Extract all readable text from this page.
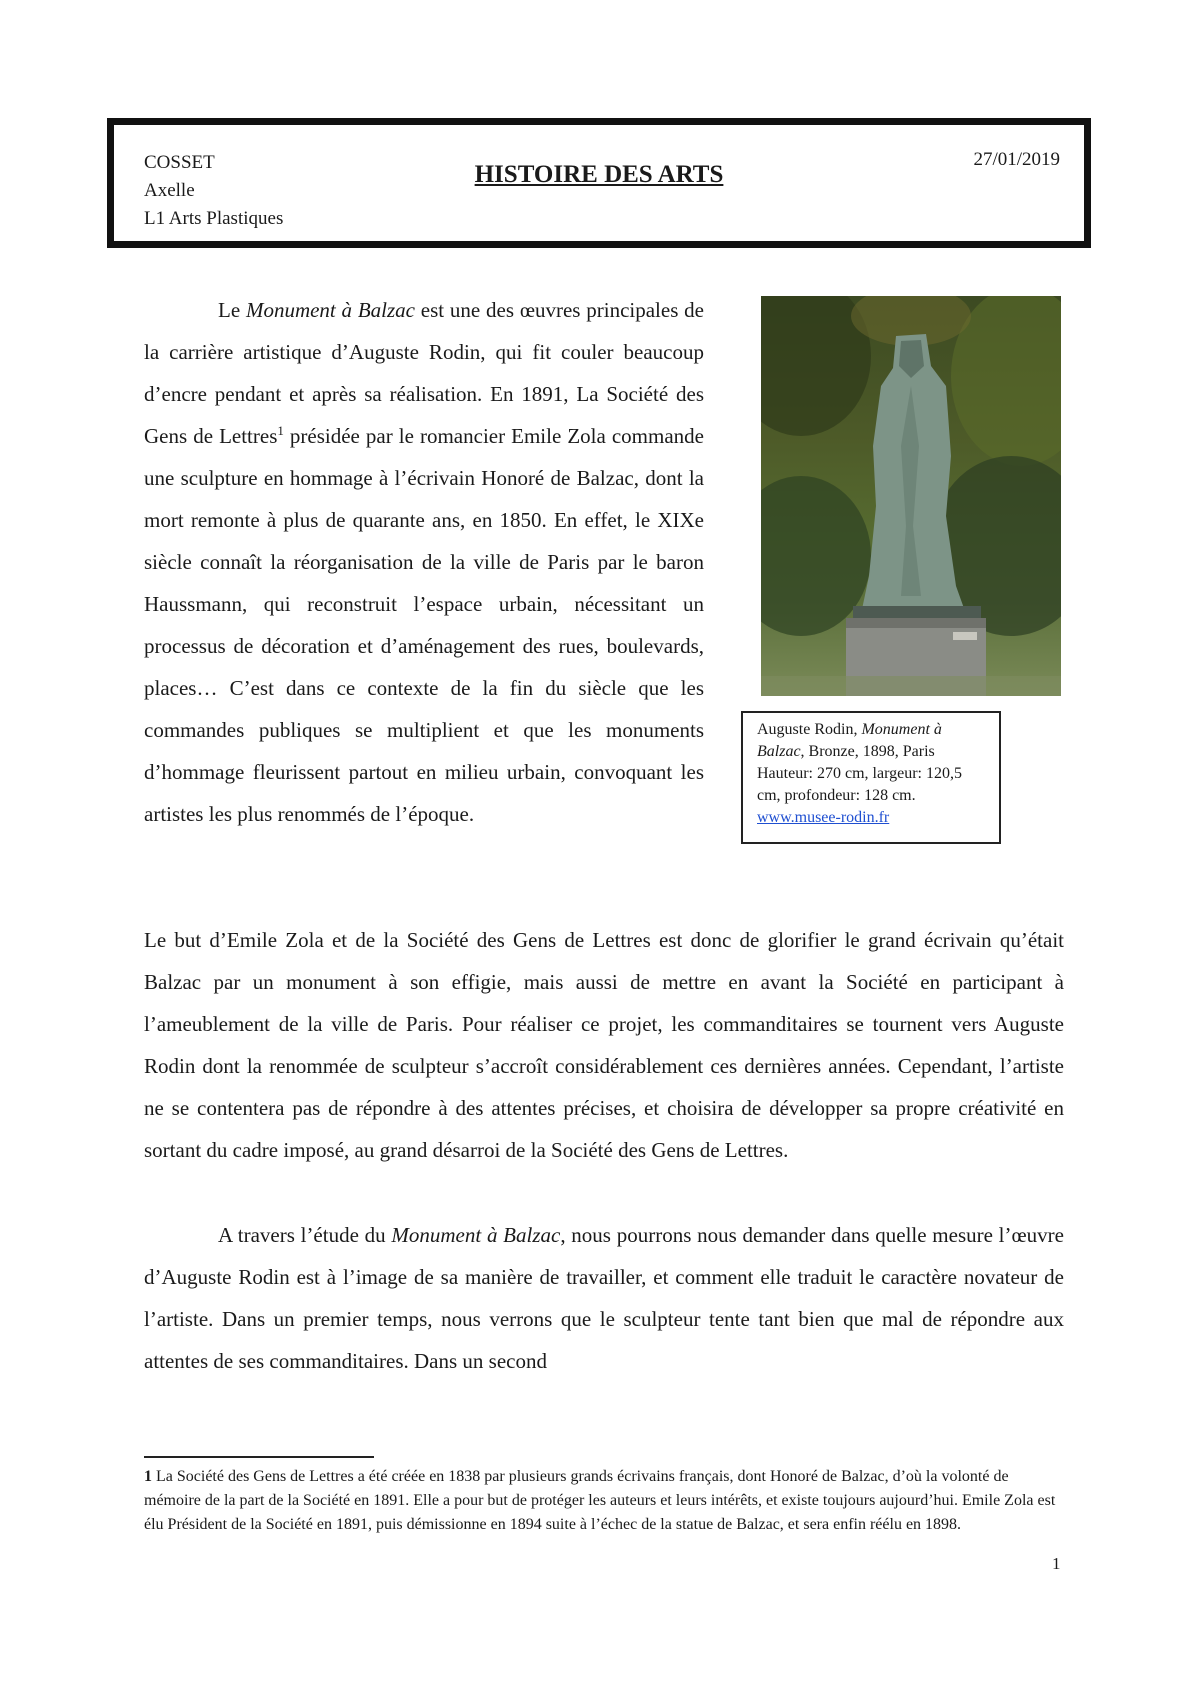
COSSET
Axelle
L1 Arts Plastiques
HISTOIRE DES ARTS
27/01/2019

Le Monument à Balzac est une des œuvres principales de la carrière artistique d’Auguste Rodin, qui fit couler beaucoup d’encre pendant et après sa réalisation. En 1891, La Société des Gens de Lettres$^1$ présidée par le romancier Emile Zola commande une sculpture en hommage à l’écrivain Honoré de Balzac, dont la mort remonte à plus de quarante ans, en 1850. En effet, le XIXe siècle connaît la réorganisation de la ville de Paris par le baron Haussmann, qui reconstruit l’espace urbain, nécessitant un processus de décoration et d’aménagement des rues, boulevards, places… C’est dans ce contexte de la fin du siècle que les commandes publiques se multiplient et que les monuments d’hommage fleurissent partout en milieu urbain, convoquant les artistes les plus renommés de l’époque.

Auguste Rodin, Monument à Balzac, Bronze, 1898, Paris Hauteur: 270 cm, largeur: 120,5 cm, profondeur: 128 cm.
www.musee-rodin.fr

Le but d’Emile Zola et de la Société des Gens de Lettres est donc de glorifier le grand écrivain qu’était Balzac par un monument à son effigie, mais aussi de mettre en avant la Société en participant à l’ameublement de la ville de Paris. Pour réaliser ce projet, les commanditaires se tournent vers Auguste Rodin dont la renommée de sculpteur s’accroît considérablement ces dernières années. Cependant, l’artiste ne se contentera pas de répondre à des attentes précises, et choisira de développer sa propre créativité en sortant du cadre imposé, au grand désarroi de la Société des Gens de Lettres.

A travers l’étude du Monument à Balzac, nous pourrons nous demander dans quelle mesure l’œuvre d’Auguste Rodin est à l’image de sa manière de travailler, et comment elle traduit le caractère novateur de l’artiste. Dans un premier temps, nous verrons que le sculpteur tente tant bien que mal de répondre aux attentes de ses commanditaires. Dans un second

1 La Société des Gens de Lettres a été créée en 1838 par plusieurs grands écrivains français, dont Honoré de Balzac, d’où la volonté de mémoire de la part de la Société en 1891. Elle a pour but de protéger les auteurs et leurs intérêts, et existe toujours aujourd’hui. Emile Zola est élu Président de la Société en 1891, puis démissionne en 1894 suite à l’échec de la statue de Balzac, et sera enfin réélu en 1898.

1
